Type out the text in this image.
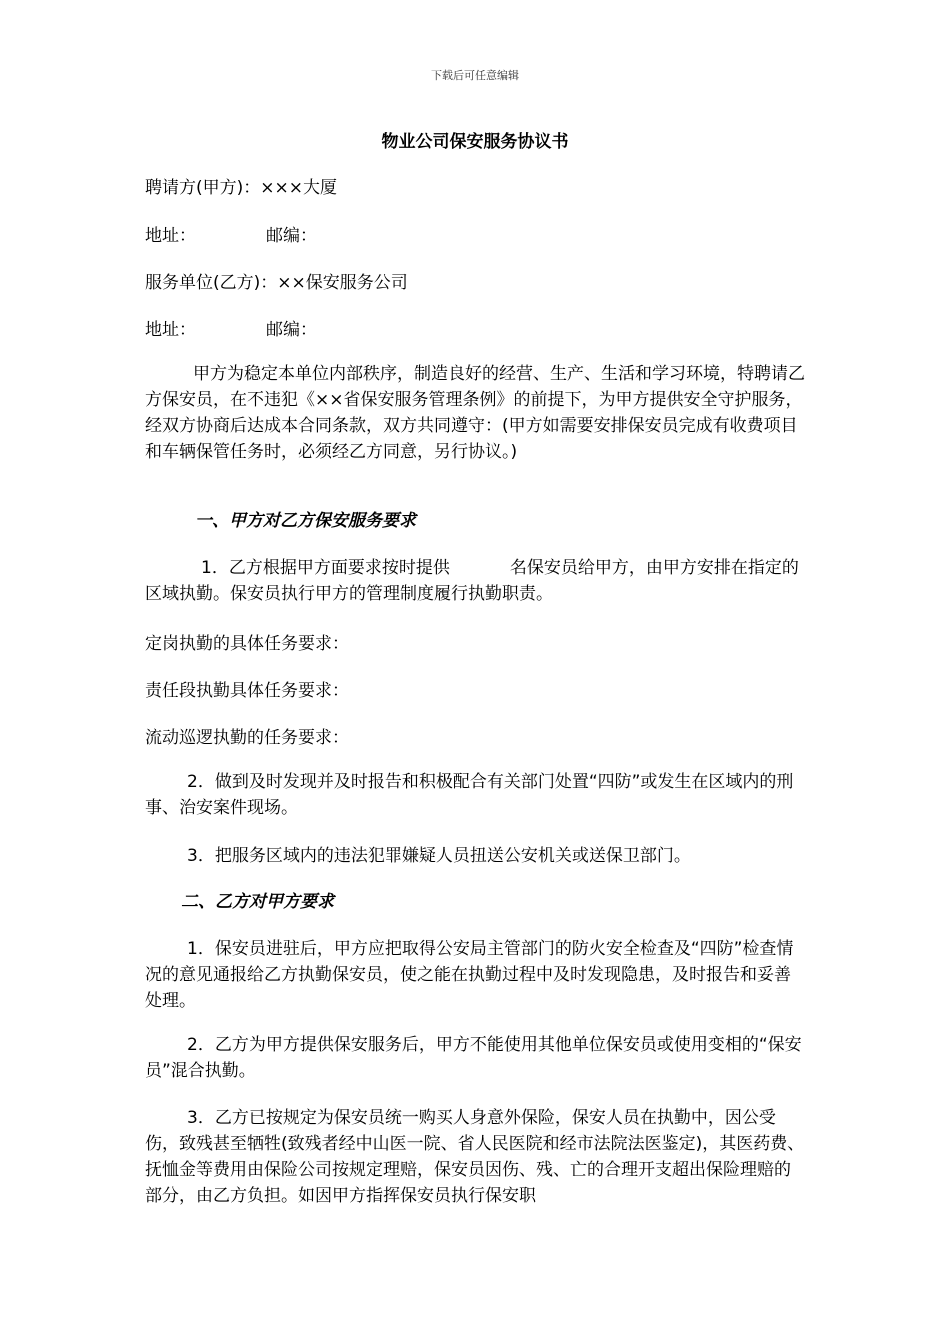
下载后可任意编辑
物业公司保安服务协议书
聘请方(甲方)：×××大厦
地址：	邮编：
服务单位(乙方)：××保安服务公司
地址：	邮编：
甲方为稳定本单位内部秩序，制造良好的经营、生产、生活和学习环境，特聘请乙方保安员，在不违犯《××省保安服务管理条例》的前提下，为甲方提供安全守护服务，经双方协商后达成本合同条款，双方共同遵守：(甲方如需要安排保安员完成有收费项目和车辆保管任务时，必须经乙方同意，另行协议。)
一、甲方对乙方保安服务要求
1．乙方根据甲方面要求按时提供	名保安员给甲方，由甲方安排在指定的区域执勤。保安员执行甲方的管理制度履行执勤职责。
定岗执勤的具体任务要求：
责任段执勤具体任务要求：
流动巡逻执勤的任务要求：
2．做到及时发现并及时报告和积极配合有关部门处置“四防”或发生在区域内的刑事、治安案件现场。
3．把服务区域内的违法犯罪嫌疑人员扭送公安机关或送保卫部门。
二、乙方对甲方要求
1．保安员进驻后，甲方应把取得公安局主管部门的防火安全检查及“四防”检查情况的意见通报给乙方执勤保安员，使之能在执勤过程中及时发现隐患，及时报告和妥善处理。
2．乙方为甲方提供保安服务后，甲方不能使用其他单位保安员或使用变相的“保安员”混合执勤。
3．乙方已按规定为保安员统一购买人身意外保险，保安人员在执勤中，因公受伤，致残甚至牺牲(致残者经中山医一院、省人民医院和经市法院法医鉴定)，其医药费、抚恤金等费用由保险公司按规定理赔，保安员因伤、残、亡的合理开支超出保险理赔的部分，由乙方负担。如因甲方指挥保安员执行保安职
